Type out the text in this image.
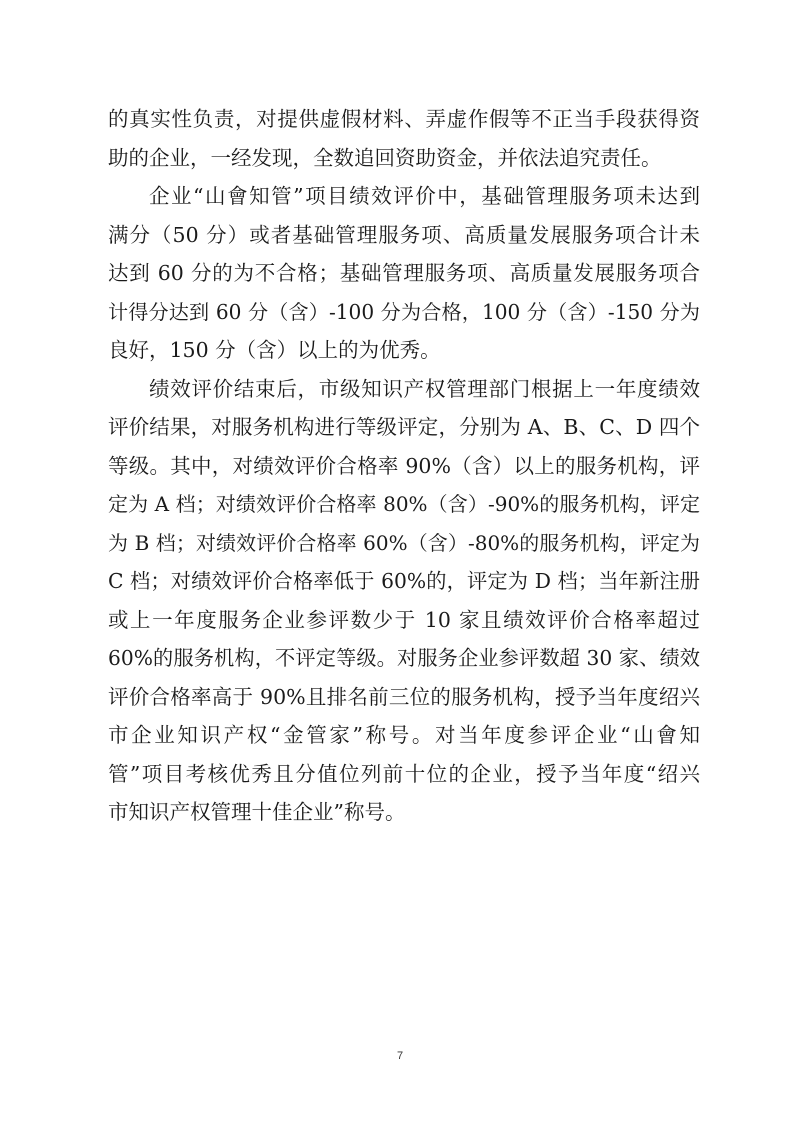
的真实性负责，对提供虚假材料、弄虚作假等不正当手段获得资
助的企业，一经发现，全数追回资助资金，并依法追究责任。
企业“山會知管”项目绩效评价中，基础管理服务项未达到
满分（50 分）或者基础管理服务项、高质量发展服务项合计未
达到 60 分的为不合格；基础管理服务项、高质量发展服务项合
计得分达到 60 分（含）-100 分为合格，100 分（含）-150 分为
良好，150 分（含）以上的为优秀。
绩效评价结束后，市级知识产权管理部门根据上一年度绩效
评价结果，对服务机构进行等级评定，分别为 A、B、C、D 四个
等级。其中，对绩效评价合格率 90%（含）以上的服务机构，评
定为 A 档；对绩效评价合格率 80%（含）-90%的服务机构，评定
为 B 档；对绩效评价合格率 60%（含）-80%的服务机构，评定为
C 档；对绩效评价合格率低于 60%的，评定为 D 档；当年新注册
或上一年度服务企业参评数少于 10 家且绩效评价合格率超过
60%的服务机构，不评定等级。对服务企业参评数超 30 家、绩效
评价合格率高于 90%且排名前三位的服务机构，授予当年度绍兴
市企业知识产权“金管家”称号。对当年度参评企业“山會知
管”项目考核优秀且分值位列前十位的企业，授予当年度“绍兴
市知识产权管理十佳企业”称号。
7
